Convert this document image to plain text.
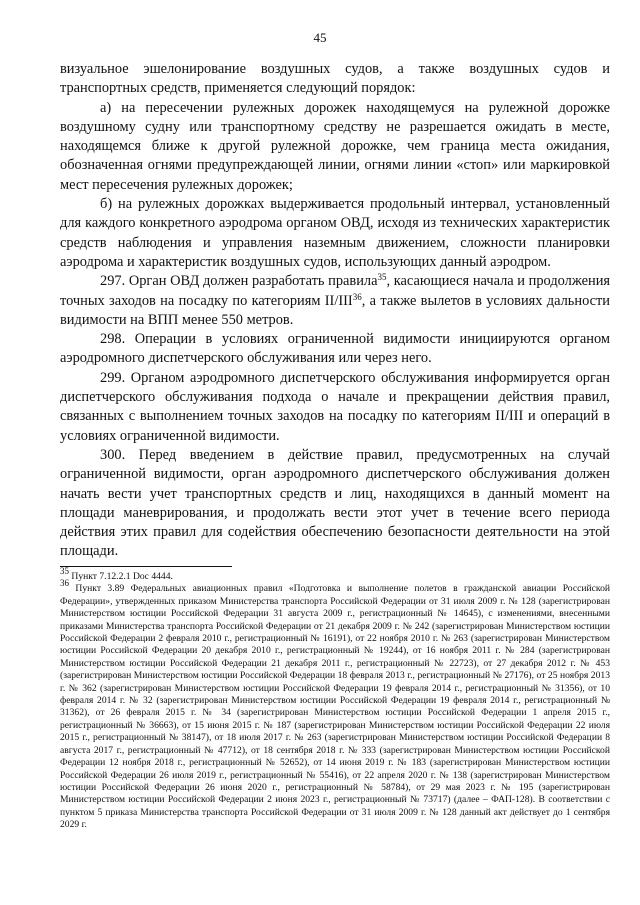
45

визуальное эшелонирование воздушных судов, а также воздушных судов и транспортных средств, применяется следующий порядок:

а) на пересечении рулежных дорожек находящемуся на рулежной дорожке воздушному судну или транспортному средству не разрешается ожидать в месте, находящемся ближе к другой рулежной дорожке, чем граница места ожидания, обозначенная огнями предупреждающей линии, огнями линии «стоп» или маркировкой мест пересечения рулежных дорожек;

б) на рулежных дорожках выдерживается продольный интервал, установленный для каждого конкретного аэродрома органом ОВД, исходя из технических характеристик средств наблюдения и управления наземным движением, сложности планировки аэродрома и характеристик воздушных судов, использующих данный аэродром.

297. Орган ОВД должен разработать правила$^{35}$, касающиеся начала и продолжения точных заходов на посадку по категориям II/III$^{36}$, а также вылетов в условиях дальности видимости на ВПП менее 550 метров.

298. Операции в условиях ограниченной видимости инициируются органом аэродромного диспетчерского обслуживания или через него.

299. Органом аэродромного диспетчерского обслуживания информируется орган диспетчерского обслуживания подхода о начале и прекращении действия правил, связанных с выполнением точных заходов на посадку по категориям II/III и операций в условиях ограниченной видимости.

300. Перед введением в действие правил, предусмотренных на случай ограниченной видимости, орган аэродромного диспетчерского обслуживания должен начать вести учет транспортных средств и лиц, находящихся в данный момент на площади маневрирования, и продолжать вести этот учет в течение всего периода действия этих правил для содействия обеспечению безопасности деятельности на этой площади.

$^{35}$ Пункт 7.12.2.1 Doc 4444.

$^{36}$ Пункт 3.89 Федеральных авиационных правил «Подготовка и выполнение полетов в гражданской авиации Российской Федерации», утвержденных приказом Министерства транспорта Российской Федерации от 31 июля 2009 г. № 128 (зарегистрирован Министерством юстиции Российской Федерации 31 августа 2009 г., регистрационный № 14645), с изменениями, внесенными приказами Министерства транспорта Российской Федерации от 21 декабря 2009 г. № 242 (зарегистрирован Министерством юстиции Российской Федерации 2 февраля 2010 г., регистрационный № 16191), от 22 ноября 2010 г. № 263 (зарегистрирован Министерством юстиции Российской Федерации 20 декабря 2010 г., регистрационный № 19244), от 16 ноября 2011 г. № 284 (зарегистрирован Министерством юстиции Российской Федерации 21 декабря 2011 г., регистрационный № 22723), от 27 декабря 2012 г. № 453 (зарегистрирован Министерством юстиции Российской Федерации 18 февраля 2013 г., регистрационный № 27176), от 25 ноября 2013 г. № 362 (зарегистрирован Министерством юстиции Российской Федерации 19 февраля 2014 г., регистрационный № 31356), от 10 февраля 2014 г. № 32 (зарегистрирован Министерством юстиции Российской Федерации 19 февраля 2014 г., регистрационный № 31362), от 26 февраля 2015 г. № 34 (зарегистрирован Министерством юстиции Российской Федерации 1 апреля 2015 г., регистрационный № 36663), от 15 июня 2015 г. № 187 (зарегистрирован Министерством юстиции Российской Федерации 22 июля 2015 г., регистрационный № 38147), от 18 июля 2017 г. № 263 (зарегистрирован Министерством юстиции Российской Федерации 8 августа 2017 г., регистрационный № 47712), от 18 сентября 2018 г. № 333 (зарегистрирован Министерством юстиции Российской Федерации 12 ноября 2018 г., регистрационный № 52652), от 14 июня 2019 г. № 183 (зарегистрирован Министерством юстиции Российской Федерации 26 июля 2019 г., регистрационный № 55416), от 22 апреля 2020 г. № 138 (зарегистрирован Министерством юстиции Российской Федерации 26 июня 2020 г., регистрационный № 58784), от 29 мая 2023 г. № 195 (зарегистрирован Министерством юстиции Российской Федерации 2 июня 2023 г., регистрационный № 73717) (далее – ФАП-128). В соответствии с пунктом 5 приказа Министерства транспорта Российской Федерации от 31 июля 2009 г. № 128 данный акт действует до 1 сентября 2029 г.
